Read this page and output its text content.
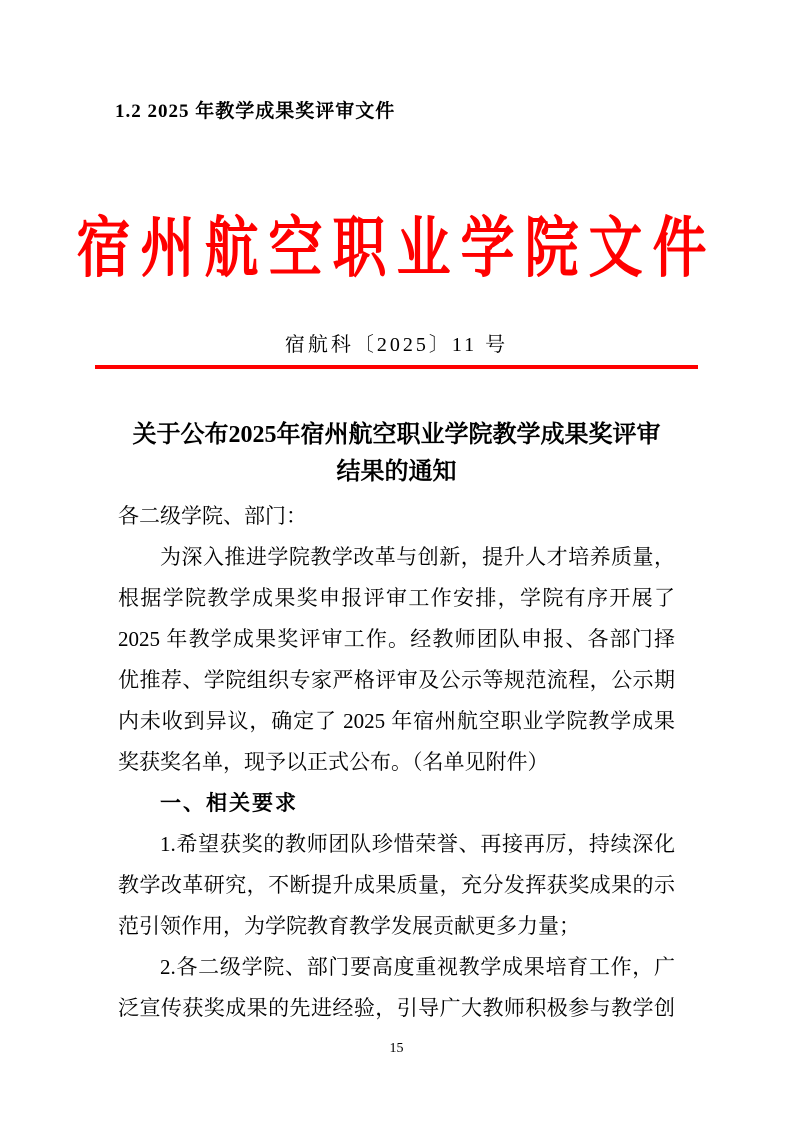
1.2 2025 年教学成果奖评审文件
宿州航空职业学院文件
宿航科〔2025〕11 号
关于公布2025年宿州航空职业学院教学成果奖评审
结果的通知
各二级学院、部门：
为深入推进学院教学改革与创新，提升人才培养质量，
根据学院教学成果奖申报评审工作安排，学院有序开展了
2025 年教学成果奖评审工作。经教师团队申报、各部门择
优推荐、学院组织专家严格评审及公示等规范流程，公示期
内未收到异议，确定了 2025 年宿州航空职业学院教学成果
奖获奖名单，现予以正式公布。（名单见附件）
一、相关要求
1.希望获奖的教师团队珍惜荣誉、再接再厉，持续深化
教学改革研究，不断提升成果质量，充分发挥获奖成果的示
范引领作用，为学院教育教学发展贡献更多力量；
2.各二级学院、部门要高度重视教学成果培育工作，广
泛宣传获奖成果的先进经验，引导广大教师积极参与教学创
15
